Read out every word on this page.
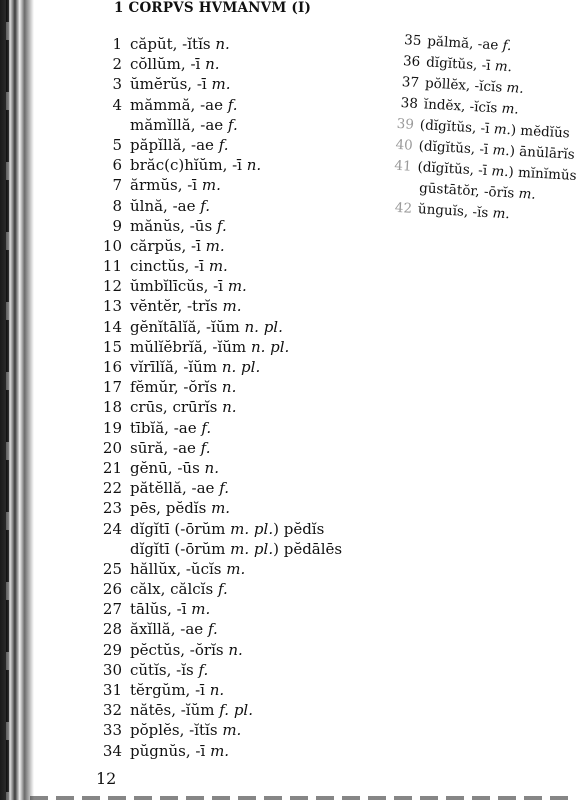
1 CORPVS HVMANVM (I)
1 căpŭt, -ĭtĭs n.
2 cŏllŭm, -ī n.
3 ŭmĕrŭs, -ī m.
4 mămmă, -ae f.
mămĭllă, -ae f.
5 păpĭllă, -ae f.
6 brăc(c)hĭŭm, -ī n.
7 ărmŭs, -ī m.
8 ŭlnă, -ae f.
9 mănŭs, -ūs f.
10 cărpŭs, -ī m.
11 cinctŭs, -ī m.
12 ŭmbĭlīcŭs, -ī m.
13 vĕntĕr, -trĭs m.
14 gĕnĭtālĭă, -ĭŭm n. pl.
15 mŭlĭĕbrĭă, -ĭŭm n. pl.
16 vĭrīlĭă, -ĭŭm n. pl.
17 fĕmŭr, -ŏrĭs n.
18 crūs, crūrĭs n.
19 tībĭă, -ae f.
20 sūră, -ae f.
21 gĕnū, -ūs n.
22 pătĕllă, -ae f.
23 pēs, pĕdĭs m.
24 dĭgĭtī (-ōrŭm m. pl. ) pĕdĭs
dĭgĭtī (-ōrŭm m. pl. ) pĕdālēs
25 hăllŭx, -ŭcĭs m.
26 călx, călcĭs f.
27 tālŭs, -ī m.
28 ăxĭllă, -ae f.
29 pĕctŭs, -ŏrĭs n.
30 cŭtĭs, -ĭs f.
31 tĕrgŭm, -ī n.
32 nătēs, -ĭŭm f. pl.
33 pŏplĕs, -ĭtĭs m.
34 pŭgnŭs, -ī m.
35 pălmă, -ae f.
36 dĭgĭtŭs, -ī m.
37 pŏllĕx, -ĭcĭs m.
38 ĭndĕx, -ĭcĭs m.
39 (dĭgĭtŭs, -ī m. ) mĕdĭŭs
40 (dĭgĭtŭs, -ī m. ) ānŭlārĭs
41 (dĭgĭtŭs, -ī m. ) mĭnĭmŭs
gūstātŏr, -ōrĭs m.
42 ŭnguĭs, -ĭs m.

12
